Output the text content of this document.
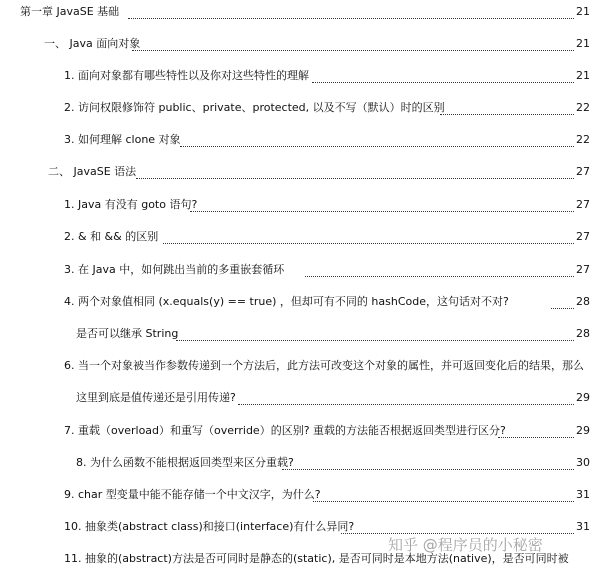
第一章 JavaSE 基础	21
一、 Java 面向对象	21
1. 面向对象都有哪些特性以及你对这些特性的理解	21
2. 访问权限修饰符 public、private、protected, 以及不写（默认）时的区别	22
3. 如何理解 clone 对象	22
二、 JavaSE 语法	27
1. Java 有没有 goto 语句?	27
2. & 和 && 的区别	27
3. 在 Java 中，如何跳出当前的多重嵌套循环	27
4. 两个对象值相同 (x.equals(y) == true) ，但却可有不同的 hashCode，这句话对不对?	28
是否可以继承 String	28
6. 当一个对象被当作参数传递到一个方法后，此方法可改变这个对象的属性，并可返回变化后的结果，那么
这里到底是值传递还是引用传递?	29
7. 重载（overload）和重写（override）的区别? 重载的方法能否根据返回类型进行区分?	29
8. 为什么函数不能根据返回类型来区分重载?	30
9. char 型变量中能不能存储一个中文汉字，为什么?	31
10. 抽象类(abstract class)和接口(interface)有什么异同?	31
11. 抽象的(abstract)方法是否可同时是静态的(static), 是否可同时是本地方法(native)，是否可同时被
知乎 @程序员的小秘密
